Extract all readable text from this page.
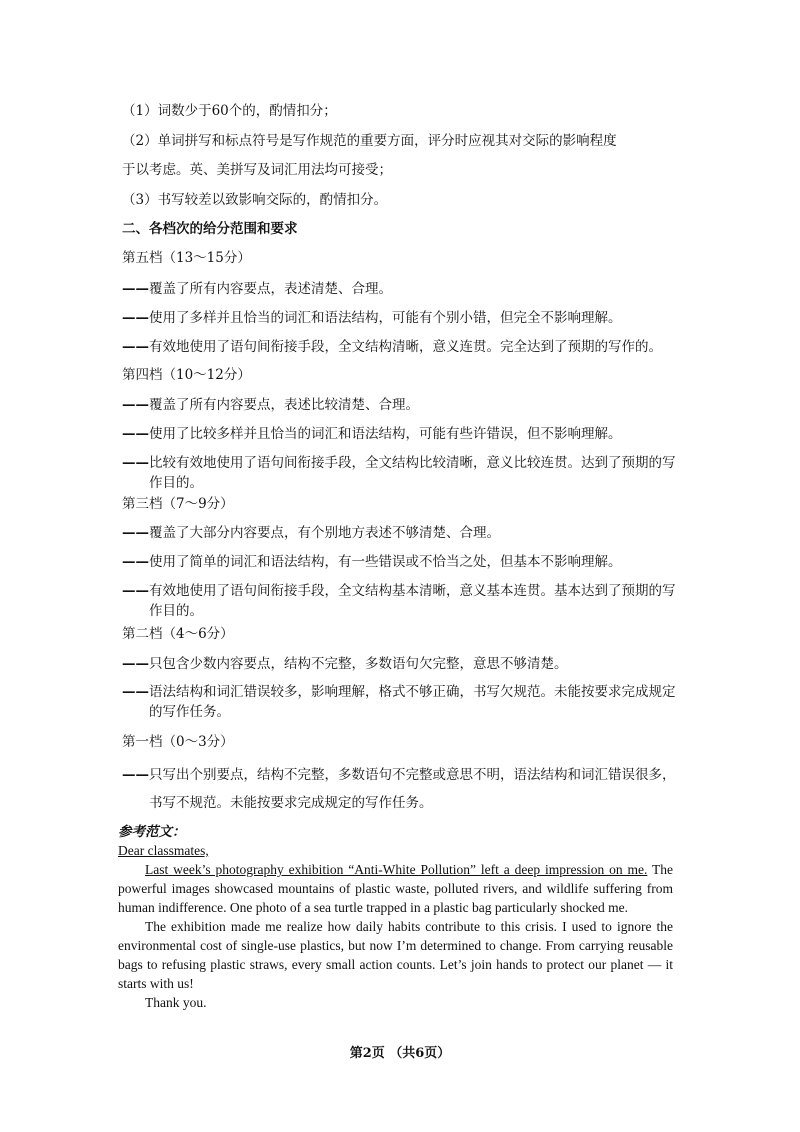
（1）词数少于60个的，酌情扣分；
（2）单词拼写和标点符号是写作规范的重要方面，评分时应视其对交际的影响程度
于以考虑。英、美拼写及词汇用法均可接受；
（3）书写较差以致影响交际的，酌情扣分。
二、各档次的给分范围和要求
第五档（13～15分）
—— 覆盖了所有内容要点，表述清楚、合理。
—— 使用了多样并且恰当的词汇和语法结构，可能有个别小错，但完全不影响理解。
—— 有效地使用了语句间衔接手段，全文结构清晰，意义连贯。完全达到了预期的写作的。
第四档（10～12分）
—— 覆盖了所有内容要点，表述比较清楚、合理。
—— 使用了比较多样并且恰当的词汇和语法结构，可能有些许错误，但不影响理解。
—— 比较有效地使用了语句间衔接手段，全文结构比较清晰，意义比较连贯。达到了预期的写作目的。
第三档（7～9分）
—— 覆盖了大部分内容要点，有个别地方表述不够清楚、合理。
—— 使用了简单的词汇和语法结构，有一些错误或不恰当之处，但基本不影响理解。
—— 有效地使用了语句间衔接手段，全文结构基本清晰，意义基本连贯。基本达到了预期的写作目的。
第二档（4～6分）
—— 只包含少数内容要点，结构不完整，多数语句欠完整，意思不够清楚。
—— 语法结构和词汇错误较多，影响理解，格式不够正确，书写欠规范。未能按要求完成规定的写作任务。
第一档（0～3分）
—— 只写出个别要点，结构不完整，多数语句不完整或意思不明，语法结构和词汇错误很多，书写不规范。未能按要求完成规定的写作任务。
参考范文：
Dear classmates,

Last week’s photography exhibition “Anti-White Pollution” left a deep impression on me. The powerful images showcased mountains of plastic waste, polluted rivers, and wildlife suffering from human indifference. One photo of a sea turtle trapped in a plastic bag particularly shocked me.

The exhibition made me realize how daily habits contribute to this crisis. I used to ignore the environmental cost of single-use plastics, but now I’m determined to change. From carrying reusable bags to refusing plastic straws, every small action counts. Let’s join hands to protect our planet — it starts with us!

Thank you.

第2页 （共6页）
